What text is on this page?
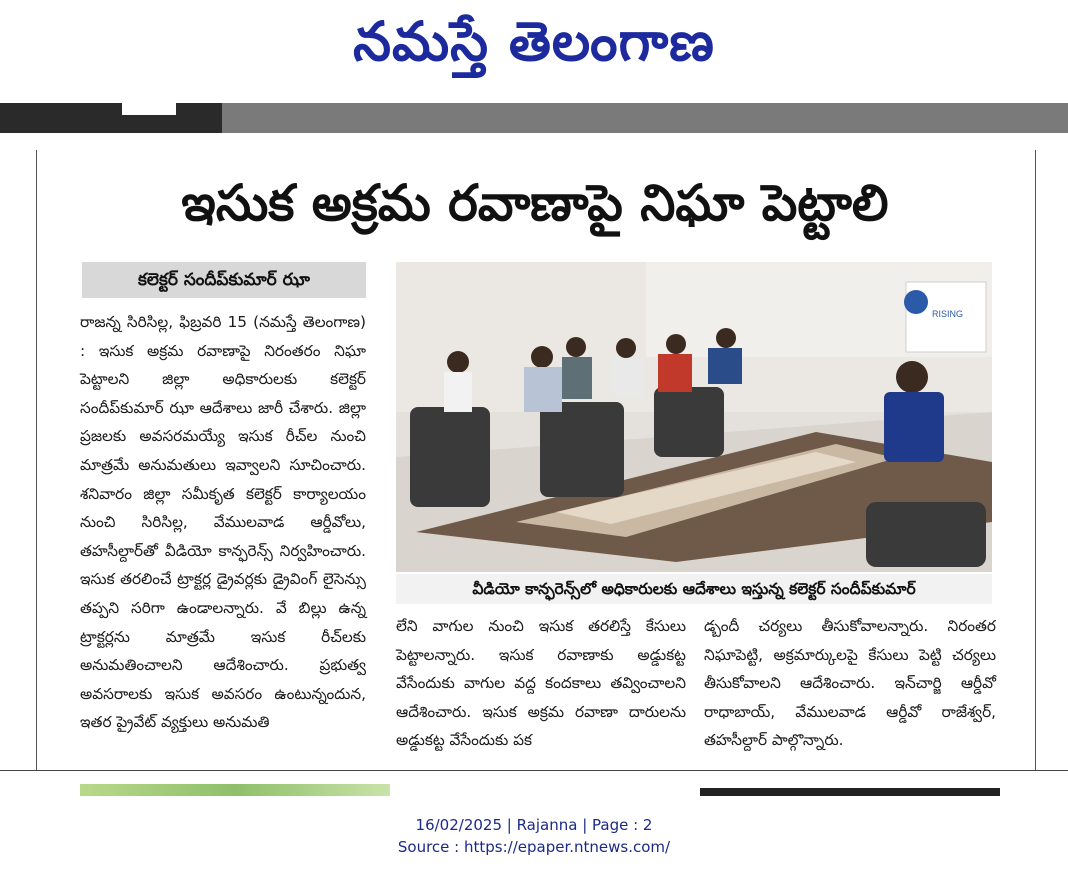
నమస్తే తెలంగాణ
ఇసుక అక్రమ రవాణాపై నిఘా పెట్టాలి
కలెక్టర్ సందీప్‌కుమార్ ఝా
రాజన్న సిరిసిల్ల, ఫిబ్రవరి 15 (నమస్తే తెలంగాణ) : ఇసుక అక్రమ రవాణాపై నిరంతరం నిఘా పెట్టాలని జిల్లా అధికారులకు కలెక్టర్ సందీప్‌కుమార్ ఝా ఆదేశాలు జారీ చేశారు. జిల్లా ప్రజలకు అవసరమయ్యే ఇసుక రీచ్‌ల నుంచి మాత్రమే అనుమతులు ఇవ్వాలని సూచించారు. శనివారం జిల్లా సమీకృత కలెక్టర్ కార్యాలయం నుంచి సిరిసిల్ల, వేములవాడ ఆర్డీవోలు, తహసీల్దార్‌తో వీడియో కాన్ఫరెన్స్ నిర్వహించారు. ఇసుక తరలించే ట్రాక్టర్ల డ్రైవర్లకు డ్రైవింగ్ లైసెన్సు తప్పని సరిగా ఉండాలన్నారు. వే బిల్లు ఉన్న ట్రాక్టర్లను మాత్రమే ఇసుక రీచ్‌లకు అనుమతించాలని ఆదేశించారు. ప్రభుత్వ అవసరాలకు ఇసుక అవసరం ఉంటున్నందున, ఇతర ప్రైవేట్ వ్యక్తులు అనుమతి
RISING
వీడియో కాన్ఫరెన్స్‌లో అధికారులకు ఆదేశాలు ఇస్తున్న కలెక్టర్ సందీప్‌కుమార్
లేని వాగుల నుంచి ఇసుక తరలిస్తే కేసులు పెట్టాలన్నారు. ఇసుక రవాణాకు అడ్డుకట్ట వేసేందుకు వాగుల వద్ద కందకాలు తవ్వించాలని ఆదేశించారు. ఇసుక అక్రమ రవాణా దారులను అడ్డుకట్ట వేసేందుకు పక
డ్బందీ చర్యలు తీసుకోవాలన్నారు. నిరంతర నిఘాపెట్టి, అక్రమార్కులపై కేసులు పెట్టి చర్యలు తీసుకోవాలని ఆదేశించారు. ఇన్‌చార్జి ఆర్డీవో రాధాబాయ్, వేములవాడ ఆర్డీవో రాజేశ్వర్, తహసీల్దార్ పాల్గొన్నారు.
16/02/2025 | Rajanna | Page : 2
Source : https://epaper.ntnews.com/
